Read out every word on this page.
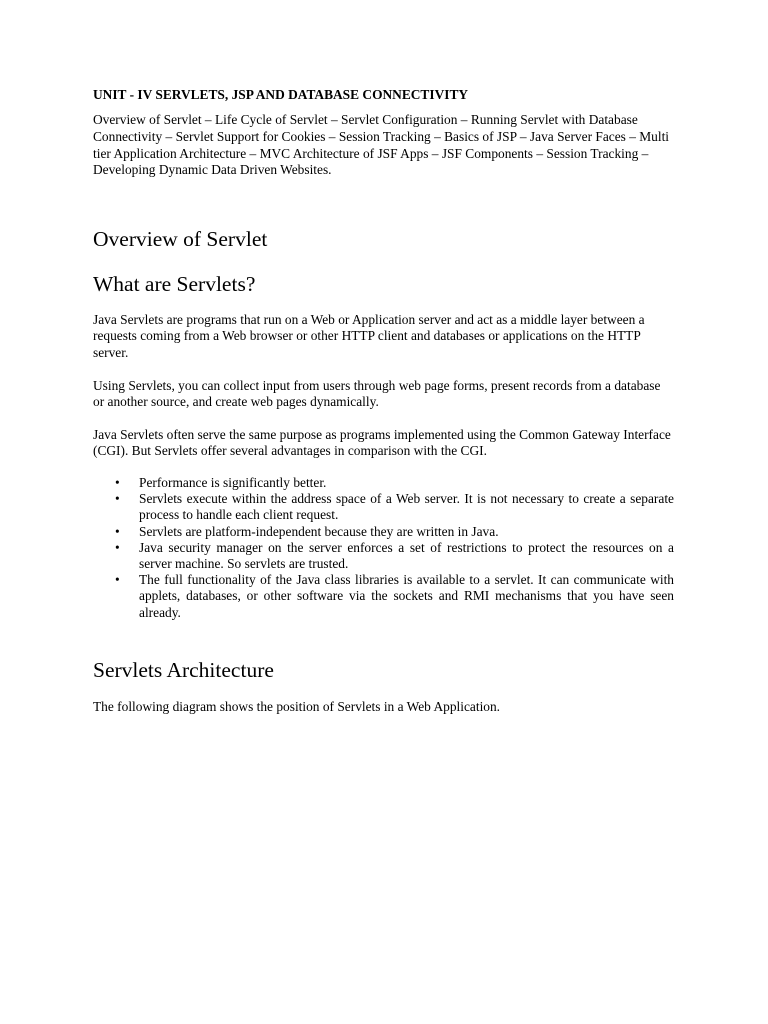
UNIT - IV SERVLETS, JSP AND DATABASE CONNECTIVITY
Overview of Servlet – Life Cycle of Servlet – Servlet Configuration – Running Servlet with Database Connectivity – Servlet Support for Cookies – Session Tracking – Basics of JSP – Java Server Faces – Multi tier Application Architecture – MVC Architecture of JSF Apps – JSF Components – Session Tracking – Developing Dynamic Data Driven Websites.
Overview of Servlet
What are Servlets?

Java Servlets are programs that run on a Web or Application server and act as a middle layer between a requests coming from a Web browser or other HTTP client and databases or applications on the HTTP server.

Using Servlets, you can collect input from users through web page forms, present records from a database or another source, and create web pages dynamically.

Java Servlets often serve the same purpose as programs implemented using the Common Gateway Interface (CGI). But Servlets offer several advantages in comparison with the CGI.

• Performance is significantly better.
• Servlets execute within the address space of a Web server. It is not necessary to create a separate process to handle each client request.
• Servlets are platform-independent because they are written in Java.
• Java security manager on the server enforces a set of restrictions to protect the resources on a server machine. So servlets are trusted.
• The full functionality of the Java class libraries is available to a servlet. It can communicate with applets, databases, or other software via the sockets and RMI mechanisms that you have seen already.
Servlets Architecture

The following diagram shows the position of Servlets in a Web Application.
